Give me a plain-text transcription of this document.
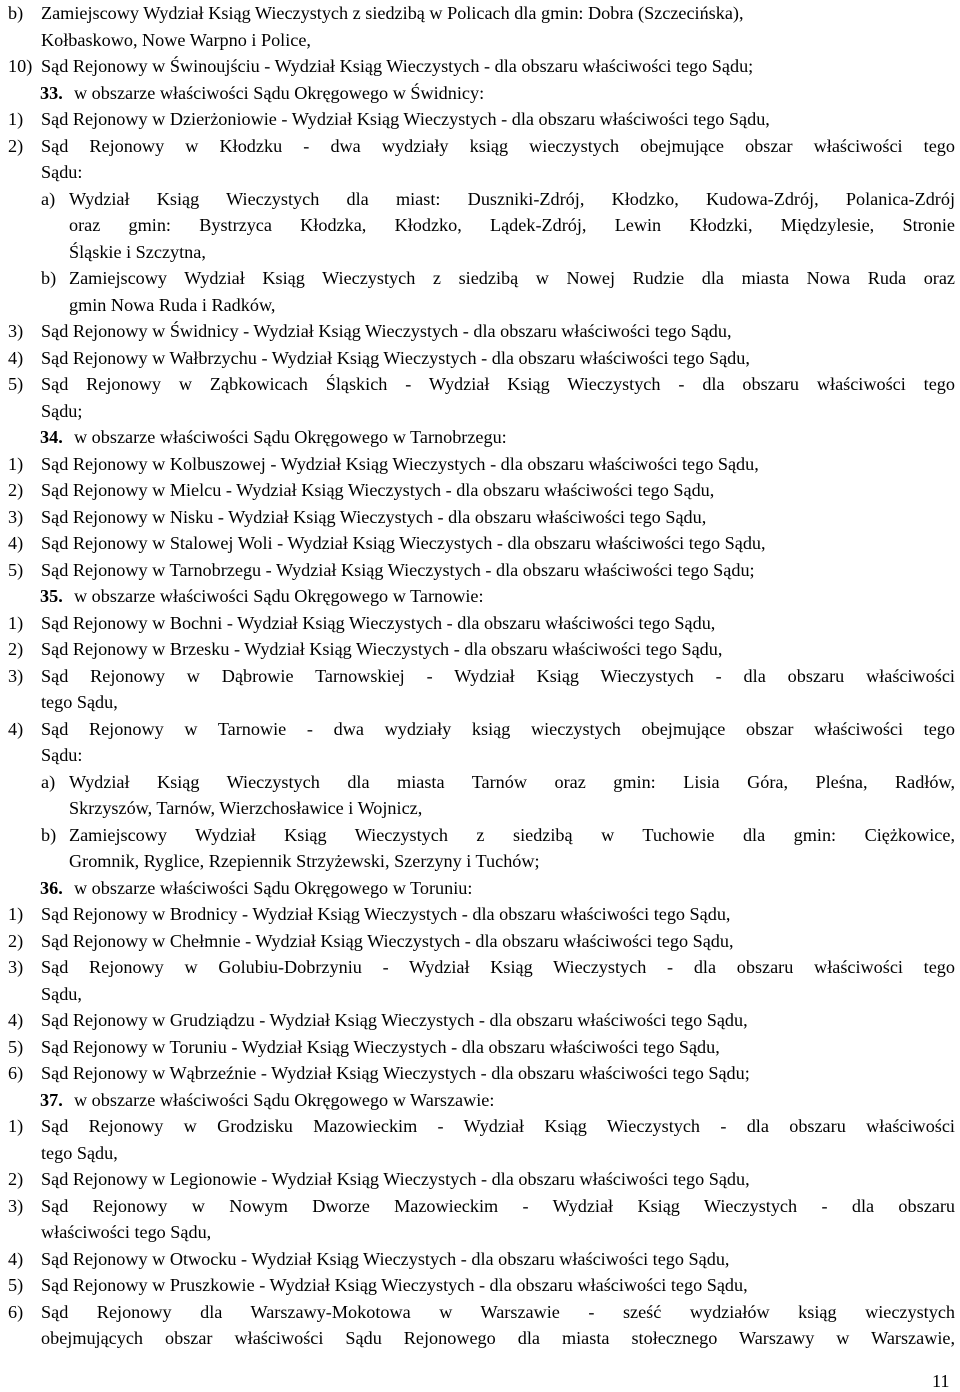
b) Zamiejscowy Wydział Ksiąg Wieczystych z siedzibą w Policach dla gmin: Dobra (Szczecińska),
Kołbaskowo, Nowe Warpno i Police,
10) Sąd Rejonowy w Świnoujściu - Wydział Ksiąg Wieczystych - dla obszaru właściwości tego Sądu;
33. w obszarze właściwości Sądu Okręgowego w Świdnicy:
1) Sąd Rejonowy w Dzierżoniowie - Wydział Ksiąg Wieczystych - dla obszaru właściwości tego Sądu,
2) Sąd Rejonowy w Kłodzku - dwa wydziały ksiąg wieczystych obejmujące obszar właściwości tego
Sądu:
a) Wydział Ksiąg Wieczystych dla miast: Duszniki-Zdrój, Kłodzko, Kudowa-Zdrój, Polanica-Zdrój
oraz gmin: Bystrzyca Kłodzka, Kłodzko, Lądek-Zdrój, Lewin Kłodzki, Międzylesie, Stronie
Śląskie i Szczytna,
b) Zamiejscowy Wydział Ksiąg Wieczystych z siedzibą w Nowej Rudzie dla miasta Nowa Ruda oraz
gmin Nowa Ruda i Radków,
3) Sąd Rejonowy w Świdnicy - Wydział Ksiąg Wieczystych - dla obszaru właściwości tego Sądu,
4) Sąd Rejonowy w Wałbrzychu - Wydział Ksiąg Wieczystych - dla obszaru właściwości tego Sądu,
5) Sąd Rejonowy w Ząbkowicach Śląskich - Wydział Ksiąg Wieczystych - dla obszaru właściwości tego
Sądu;
34. w obszarze właściwości Sądu Okręgowego w Tarnobrzegu:
1) Sąd Rejonowy w Kolbuszowej - Wydział Ksiąg Wieczystych - dla obszaru właściwości tego Sądu,
2) Sąd Rejonowy w Mielcu - Wydział Ksiąg Wieczystych - dla obszaru właściwości tego Sądu,
3) Sąd Rejonowy w Nisku - Wydział Ksiąg Wieczystych - dla obszaru właściwości tego Sądu,
4) Sąd Rejonowy w Stalowej Woli - Wydział Ksiąg Wieczystych - dla obszaru właściwości tego Sądu,
5) Sąd Rejonowy w Tarnobrzegu - Wydział Ksiąg Wieczystych - dla obszaru właściwości tego Sądu;
35. w obszarze właściwości Sądu Okręgowego w Tarnowie:
1) Sąd Rejonowy w Bochni - Wydział Ksiąg Wieczystych - dla obszaru właściwości tego Sądu,
2) Sąd Rejonowy w Brzesku - Wydział Ksiąg Wieczystych - dla obszaru właściwości tego Sądu,
3) Sąd Rejonowy w Dąbrowie Tarnowskiej - Wydział Ksiąg Wieczystych - dla obszaru właściwości
tego Sądu,
4) Sąd Rejonowy w Tarnowie - dwa wydziały ksiąg wieczystych obejmujące obszar właściwości tego
Sądu:
a) Wydział Ksiąg Wieczystych dla miasta Tarnów oraz gmin: Lisia Góra, Pleśna, Radłów,
Skrzyszów, Tarnów, Wierzchosławice i Wojnicz,
b) Zamiejscowy Wydział Ksiąg Wieczystych z siedzibą w Tuchowie dla gmin: Ciężkowice,
Gromnik, Ryglice, Rzepiennik Strzyżewski, Szerzyny i Tuchów;
36. w obszarze właściwości Sądu Okręgowego w Toruniu:
1) Sąd Rejonowy w Brodnicy - Wydział Ksiąg Wieczystych - dla obszaru właściwości tego Sądu,
2) Sąd Rejonowy w Chełmnie - Wydział Ksiąg Wieczystych - dla obszaru właściwości tego Sądu,
3) Sąd Rejonowy w Golubiu-Dobrzyniu - Wydział Ksiąg Wieczystych - dla obszaru właściwości tego
Sądu,
4) Sąd Rejonowy w Grudziądzu - Wydział Ksiąg Wieczystych - dla obszaru właściwości tego Sądu,
5) Sąd Rejonowy w Toruniu - Wydział Ksiąg Wieczystych - dla obszaru właściwości tego Sądu,
6) Sąd Rejonowy w Wąbrzeźnie - Wydział Ksiąg Wieczystych - dla obszaru właściwości tego Sądu;
37. w obszarze właściwości Sądu Okręgowego w Warszawie:
1) Sąd Rejonowy w Grodzisku Mazowieckim - Wydział Ksiąg Wieczystych - dla obszaru właściwości
tego Sądu,
2) Sąd Rejonowy w Legionowie - Wydział Ksiąg Wieczystych - dla obszaru właściwości tego Sądu,
3) Sąd Rejonowy w Nowym Dworze Mazowieckim - Wydział Ksiąg Wieczystych - dla obszaru
właściwości tego Sądu,
4) Sąd Rejonowy w Otwocku - Wydział Ksiąg Wieczystych - dla obszaru właściwości tego Sądu,
5) Sąd Rejonowy w Pruszkowie - Wydział Ksiąg Wieczystych - dla obszaru właściwości tego Sądu,
6) Sąd Rejonowy dla Warszawy-Mokotowa w Warszawie - sześć wydziałów ksiąg wieczystych
obejmujących obszar właściwości Sądu Rejonowego dla miasta stołecznego Warszawy w Warszawie,
11
